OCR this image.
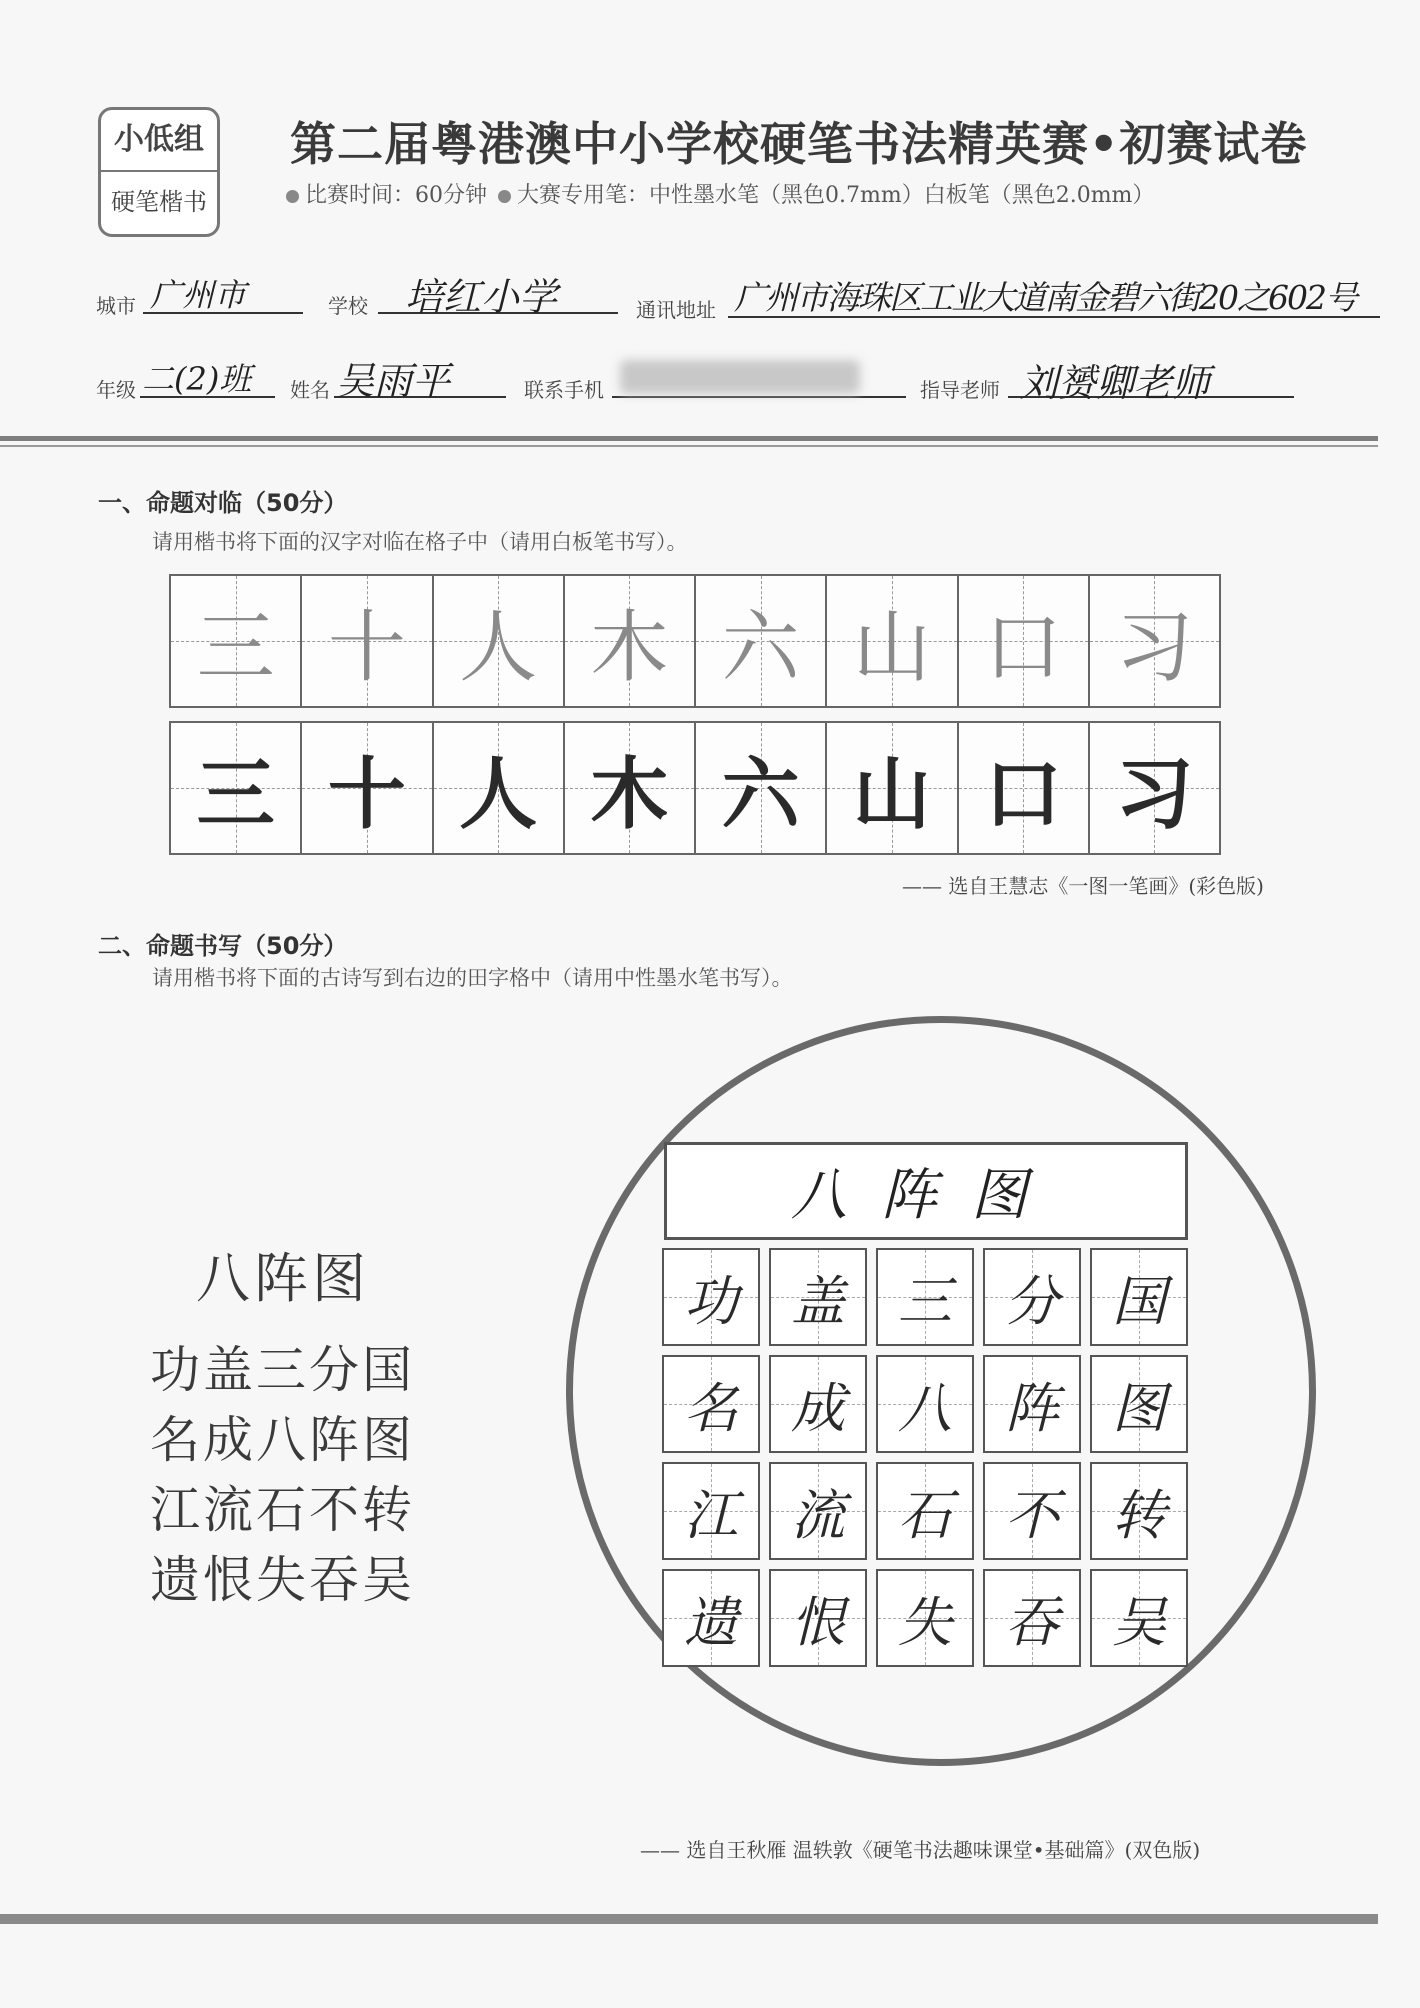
小低组
硬笔楷书
第二届粤港澳中小学校硬笔书法精英赛•初赛试卷
比赛时间：60分钟 大赛专用笔：中性墨水笔（黑色0.7mm）白板笔（黑色2.0mm）
城市 广州市	学校 培红小学	通讯地址 广州市海珠区工业大道南金碧六街20之602号
年级 二(2)班 姓名 吴雨平	联系手机	指导老师 刘赟卿老师
一、命题对临（50分）
请用楷书将下面的汉字对临在格子中（请用白板笔书写）。
三 十 人 木 六 山 口 习
三 十 人 木 六 山 口 习
—— 选自王慧志《一图一笔画》(彩色版)
二、命题书写（50分）
请用楷书将下面的古诗写到右边的田字格中（请用中性墨水笔书写）。
八阵图
功盖三分国
名成八阵图
江流石不转
遗恨失吞吴
八阵图
功 盖 三 分 国
名 成 八 阵 图
江 流 石 不 转
遗 恨 失 吞 吴
—— 选自王秋雁 温轶敦《硬笔书法趣味课堂•基础篇》(双色版)
